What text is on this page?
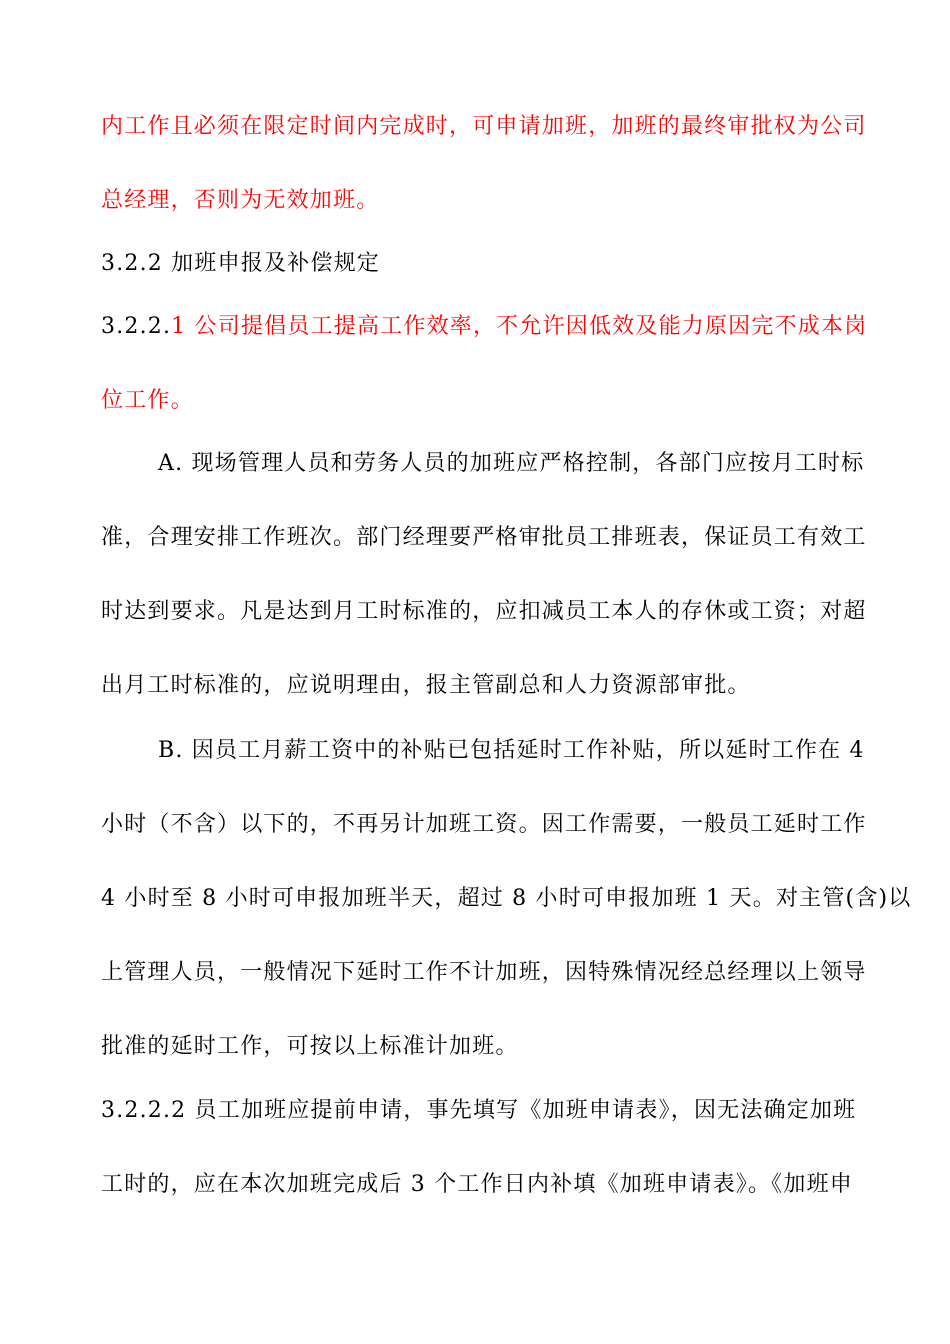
内工作且必须在限定时间内完成时，可申请加班，加班的最终审批权为公司
总经理，否则为无效加班。
3.2.2 加班申报及补偿规定
3.2.2.1 公司提倡员工提高工作效率，不允许因低效及能力原因完不成本岗
位工作。
A. 现场管理人员和劳务人员的加班应严格控制，各部门应按月工时标
准，合理安排工作班次。部门经理要严格审批员工排班表，保证员工有效工
时达到要求。凡是达到月工时标准的，应扣减员工本人的存休或工资；对超
出月工时标准的，应说明理由，报主管副总和人力资源部审批。
B. 因员工月薪工资中的补贴已包括延时工作补贴，所以延时工作在 4
小时（不含）以下的，不再另计加班工资。因工作需要，一般员工延时工作
4 小时至 8 小时可申报加班半天，超过 8 小时可申报加班 1 天。对主管(含)以
上管理人员，一般情况下延时工作不计加班，因特殊情况经总经理以上领导
批准的延时工作，可按以上标准计加班。
3.2.2.2 员工加班应提前申请，事先填写《加班申请表》，因无法确定加班
工时的，应在本次加班完成后 3 个工作日内补填《加班申请表》。《加班申
